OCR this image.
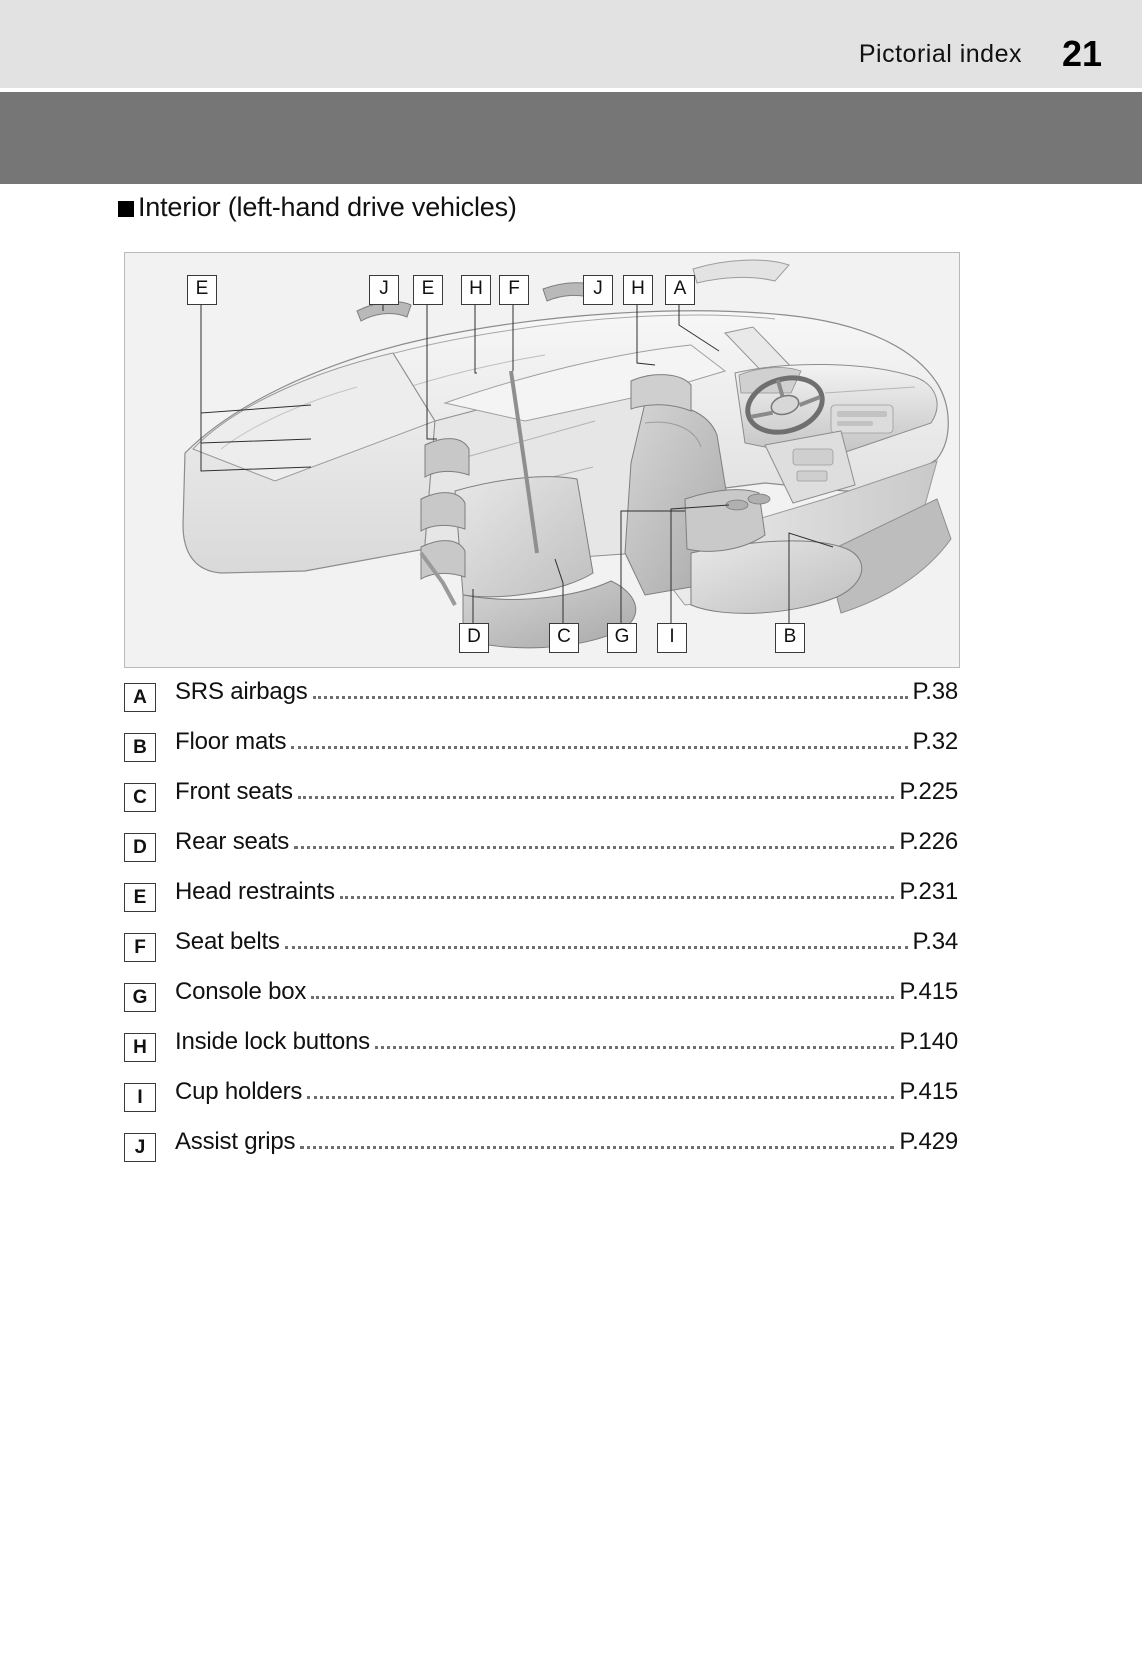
Pictorial index 21
Interior (left-hand drive vehicles)
E	J	E	H	F	J	H	A
D	C	G	I	B
A	SRS airbags	P.38
B	Floor mats	P.32
C	Front seats	P.225
D	Rear seats	P.226
E	Head restraints	P.231
F	Seat belts	P.34
G	Console box	P.415
H	Inside lock buttons	P.140
I	Cup holders	P.415
J	Assist grips	P.429
